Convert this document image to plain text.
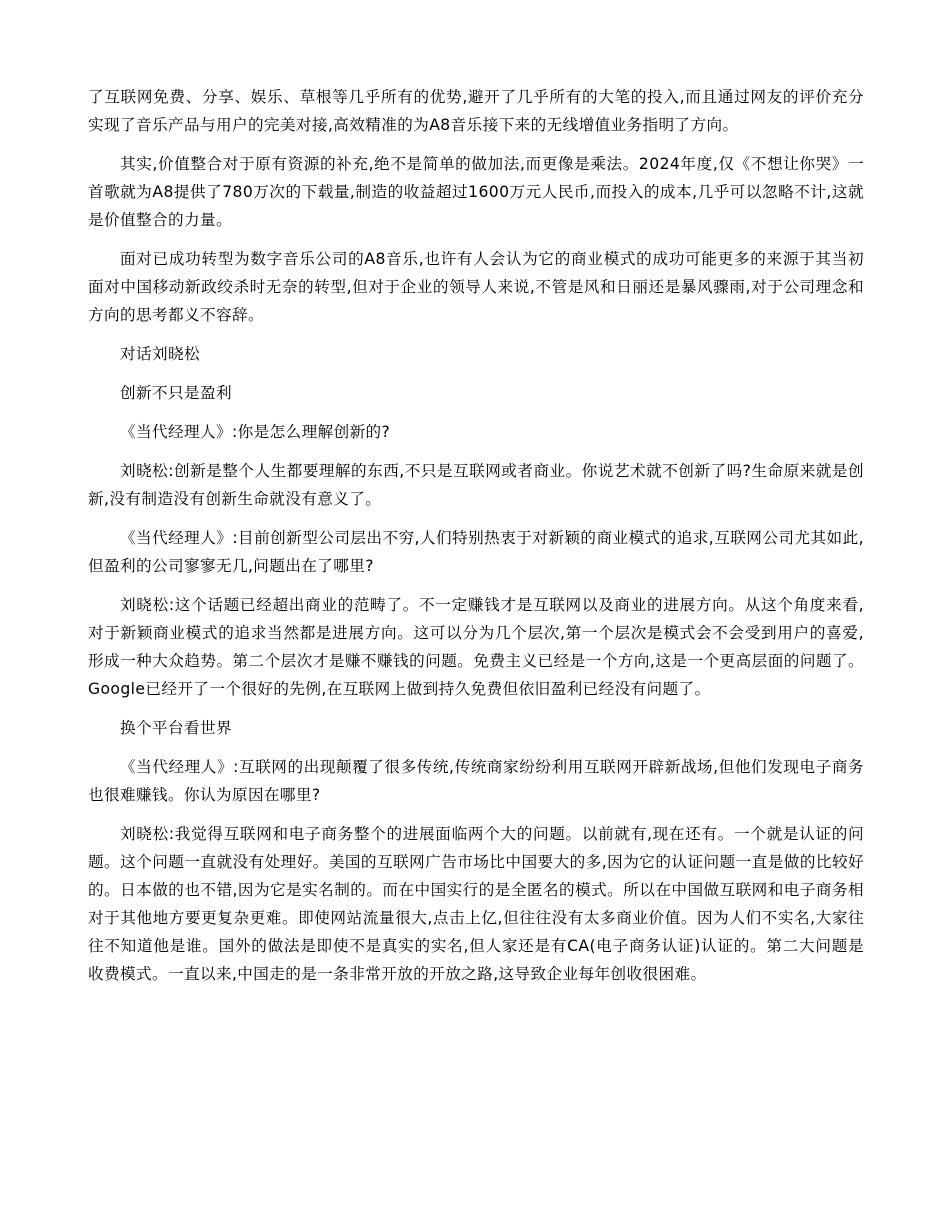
了互联网免费、分享、娱乐、草根等几乎所有的优势,避开了几乎所有的大笔的投入,而且通过网友的评价充分实现了音乐产品与用户的完美对接,高效精准的为A8音乐接下来的无线增值业务指明了方向。

其实,价值整合对于原有资源的补充,绝不是简单的做加法,而更像是乘法。2024年度,仅《不想让你哭》一首歌就为A8提供了780万次的下载量,制造的收益超过1600万元人民币,而投入的成本,几乎可以忽略不计,这就是价值整合的力量。

面对已成功转型为数字音乐公司的A8音乐,也许有人会认为它的商业模式的成功可能更多的来源于其当初面对中国移动新政绞杀时无奈的转型,但对于企业的领导人来说,不管是风和日丽还是暴风骤雨,对于公司理念和方向的思考都义不容辞。

对话刘晓松

创新不只是盈利

《当代经理人》:你是怎么理解创新的?

刘晓松:创新是整个人生都要理解的东西,不只是互联网或者商业。你说艺术就不创新了吗?生命原来就是创新,没有制造没有创新生命就没有意义了。

《当代经理人》:目前创新型公司层出不穷,人们特别热衷于对新颖的商业模式的追求,互联网公司尤其如此,但盈利的公司寥寥无几,问题出在了哪里?

刘晓松:这个话题已经超出商业的范畴了。不一定赚钱才是互联网以及商业的进展方向。从这个角度来看,对于新颖商业模式的追求当然都是进展方向。这可以分为几个层次,第一个层次是模式会不会受到用户的喜爱,形成一种大众趋势。第二个层次才是赚不赚钱的问题。免费主义已经是一个方向,这是一个更高层面的问题了。Google已经开了一个很好的先例,在互联网上做到持久免费但依旧盈利已经没有问题了。

换个平台看世界

《当代经理人》:互联网的出现颠覆了很多传统,传统商家纷纷利用互联网开辟新战场,但他们发现电子商务也很难赚钱。你认为原因在哪里?

刘晓松:我觉得互联网和电子商务整个的进展面临两个大的问题。以前就有,现在还有。一个就是认证的问题。这个问题一直就没有处理好。美国的互联网广告市场比中国要大的多,因为它的认证问题一直是做的比较好的。日本做的也不错,因为它是实名制的。而在中国实行的是全匿名的模式。所以在中国做互联网和电子商务相对于其他地方要更复杂更难。即使网站流量很大,点击上亿,但往往没有太多商业价值。因为人们不实名,大家往往不知道他是谁。国外的做法是即使不是真实的实名,但人家还是有CA(电子商务认证)认证的。第二大问题是收费模式。一直以来,中国走的是一条非常开放的开放之路,这导致企业每年创收很困难。
